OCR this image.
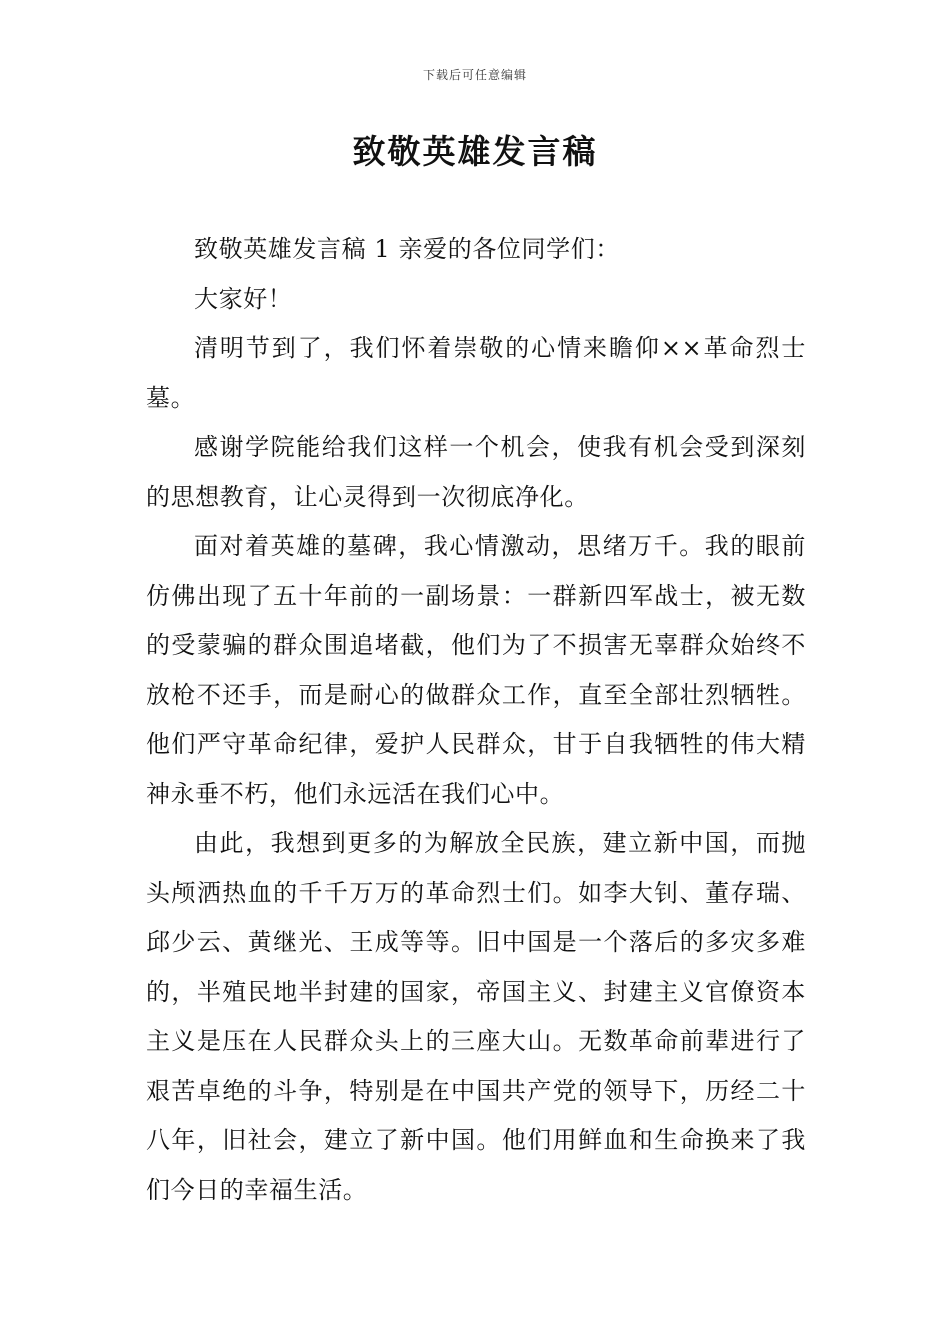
下载后可任意编辑
致敬英雄发言稿

致敬英雄发言稿 1 亲爱的各位同学们：

大家好！

清明节到了，我们怀着崇敬的心情来瞻仰××革命烈士墓。

感谢学院能给我们这样一个机会，使我有机会受到深刻的思想教育，让心灵得到一次彻底净化。

面对着英雄的墓碑，我心情激动，思绪万千。我的眼前仿佛出现了五十年前的一副场景：一群新四军战士，被无数的受蒙骗的群众围追堵截，他们为了不损害无辜群众始终不放枪不还手，而是耐心的做群众工作，直至全部壮烈牺牲。他们严守革命纪律，爱护人民群众，甘于自我牺牲的伟大精神永垂不朽，他们永远活在我们心中。

由此，我想到更多的为解放全民族，建立新中国，而抛头颅洒热血的千千万万的革命烈士们。如李大钊、董存瑞、邱少云、黄继光、王成等等。旧中国是一个落后的多灾多难的，半殖民地半封建的国家，帝国主义、封建主义官僚资本主义是压在人民群众头上的三座大山。无数革命前辈进行了艰苦卓绝的斗争，特别是在中国共产党的领导下，历经二十八年，旧社会，建立了新中国。他们用鲜血和生命换来了我们今日的幸福生活。
